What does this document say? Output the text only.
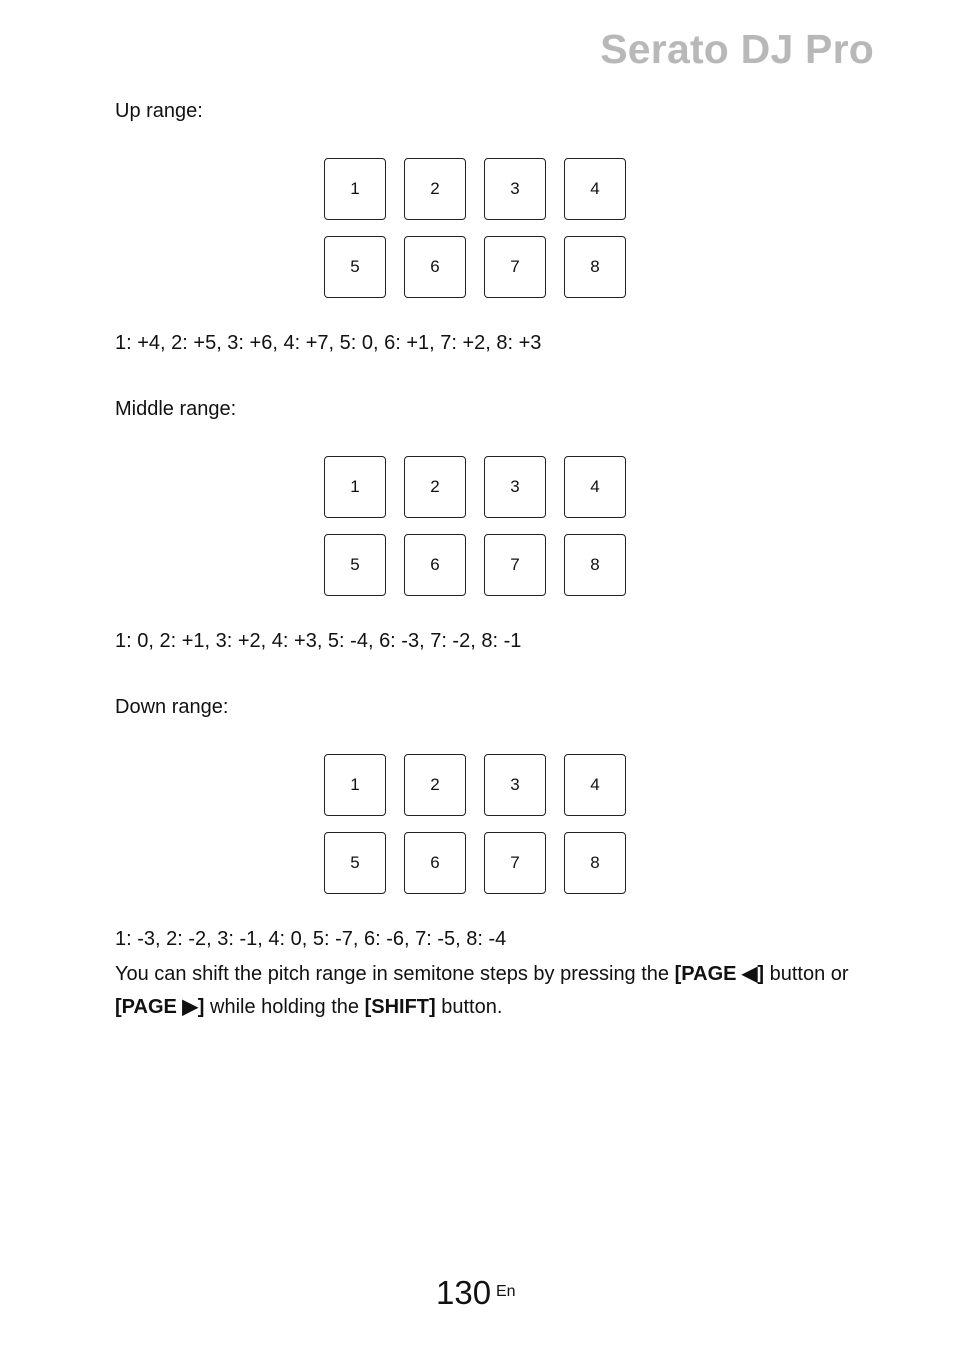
Serato DJ Pro
Up range:
1	2	3	4
5	6	7	8
1: +4, 2: +5, 3: +6, 4: +7, 5: 0, 6: +1, 7: +2, 8: +3
Middle range:
1	2	3	4
5	6	7	8
1: 0, 2: +1, 3: +2, 4: +3, 5: -4, 6: -3, 7: -2, 8: -1
Down range:
1	2	3	4
5	6	7	8
1: -3, 2: -2, 3: -1, 4: 0, 5: -7, 6: -6, 7: -5, 8: -4
You can shift the pitch range in semitone steps by pressing the [PAGE ◀] button or [PAGE ▶] while holding the [SHIFT] button.
130 En
